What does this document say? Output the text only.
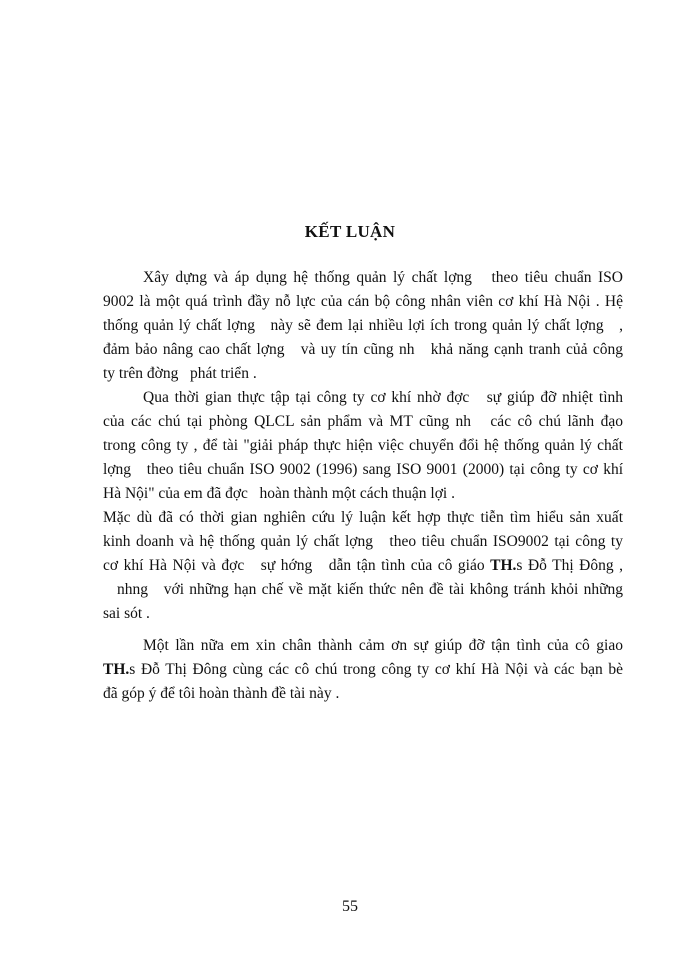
KẾT LUẬN
Xây dựng và áp dụng hệ thống quản lý chất lợng   theo tiêu chuẩn ISO
9002 là một quá trình đầy nỗ lực của cán bộ công nhân viên cơ khí Hà Nội . Hệ
thống quản lý chất lợng   này sẽ đem lại nhiều lợi ích trong quản lý chất lợng   ,
đảm bảo nâng cao chất lợng   và uy tín cũng nh   khả năng cạnh tranh củả công
ty trên đờng   phát triển .
Qua thời gian thực tập tại công ty cơ khí nhờ đợc   sự giúp đỡ nhiệt tình
của các chú tại phòng QLCL sản phẩm và MT cũng nh   các cô chú lãnh đạo
trong công ty , để tài "giải pháp thực hiện việc chuyển đổi hệ thống quản lý chất
lợng   theo tiêu chuẩn ISO 9002 (1996) sang ISO 9001 (2000) tại công ty cơ khí
Hà Nội" của em đã đợc   hoàn thành một cách thuận lợi .
Mặc dù đã có thời gian nghiên cứu lý luận kết hợp thực tiễn tìm hiểu sản xuất
kinh doanh và hệ thống quản lý chất lợng   theo tiêu chuẩn ISO9002 tại công ty
cơ khí Hà Nội và đợc   sự hớng   dẫn tận tình của cô giáo TH.s Đỗ Thị Đông ,
nhng   với những hạn chế về mặt kiến thức nên đề tài không tránh khỏi những
sai sót .
Một lần nữa em xin chân thành cảm ơn sự giúp đỡ tận tình của cô giao
TH.s Đỗ Thị Đông cùng các cô chú trong công ty cơ khí Hà Nội và các bạn bè
đã góp ý để tôi hoàn thành đề tài này .
55
